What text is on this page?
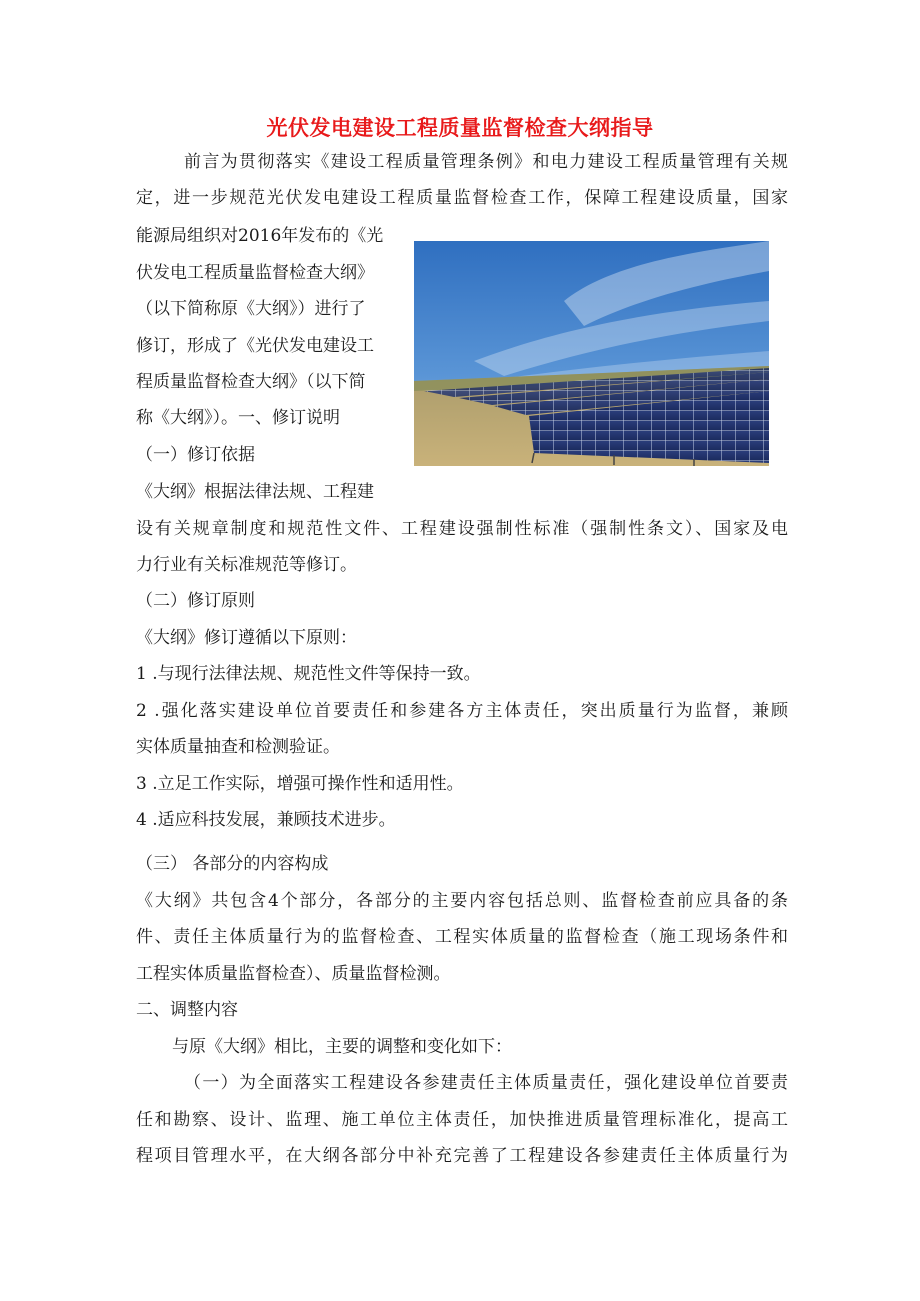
光伏发电建设工程质量监督检查大纲指导
前言为贯彻落实《建设工程质量管理条例》和电力建设工程质量管理有关规
定，进一步规范光伏发电建设工程质量监督检查工作，保障工程建设质量，国家
能源局组织对2016年发布的《光
伏发电工程质量监督检查大纲》
（以下简称原《大纲》）进行了
修订，形成了《光伏发电建设工
程质量监督检查大纲》（以下简
称《大纲》）。一、修订说明
（一）修订依据
《大纲》根据法律法规、工程建
设有关规章制度和规范性文件、工程建设强制性标准（强制性条文）、国家及电
力行业有关标准规范等修订。
（二）修订原则
《大纲》修订遵循以下原则：
1 .与现行法律法规、规范性文件等保持一致。
2 .强化落实建设单位首要责任和参建各方主体责任，突出质量行为监督，兼顾
实体质量抽查和检测验证。
3 .立足工作实际，增强可操作性和适用性。
4 .适应科技发展，兼顾技术进步。
（三） 各部分的内容构成
《大纲》共包含4个部分，各部分的主要内容包括总则、监督检查前应具备的条
件、责任主体质量行为的监督检查、工程实体质量的监督检查（施工现场条件和
工程实体质量监督检查）、质量监督检测。
二、调整内容
与原《大纲》相比，主要的调整和变化如下：
（一）为全面落实工程建设各参建责任主体质量责任，强化建设单位首要责
任和勘察、设计、监理、施工单位主体责任，加快推进质量管理标准化，提高工
程项目管理水平，在大纲各部分中补充完善了工程建设各参建责任主体质量行为
